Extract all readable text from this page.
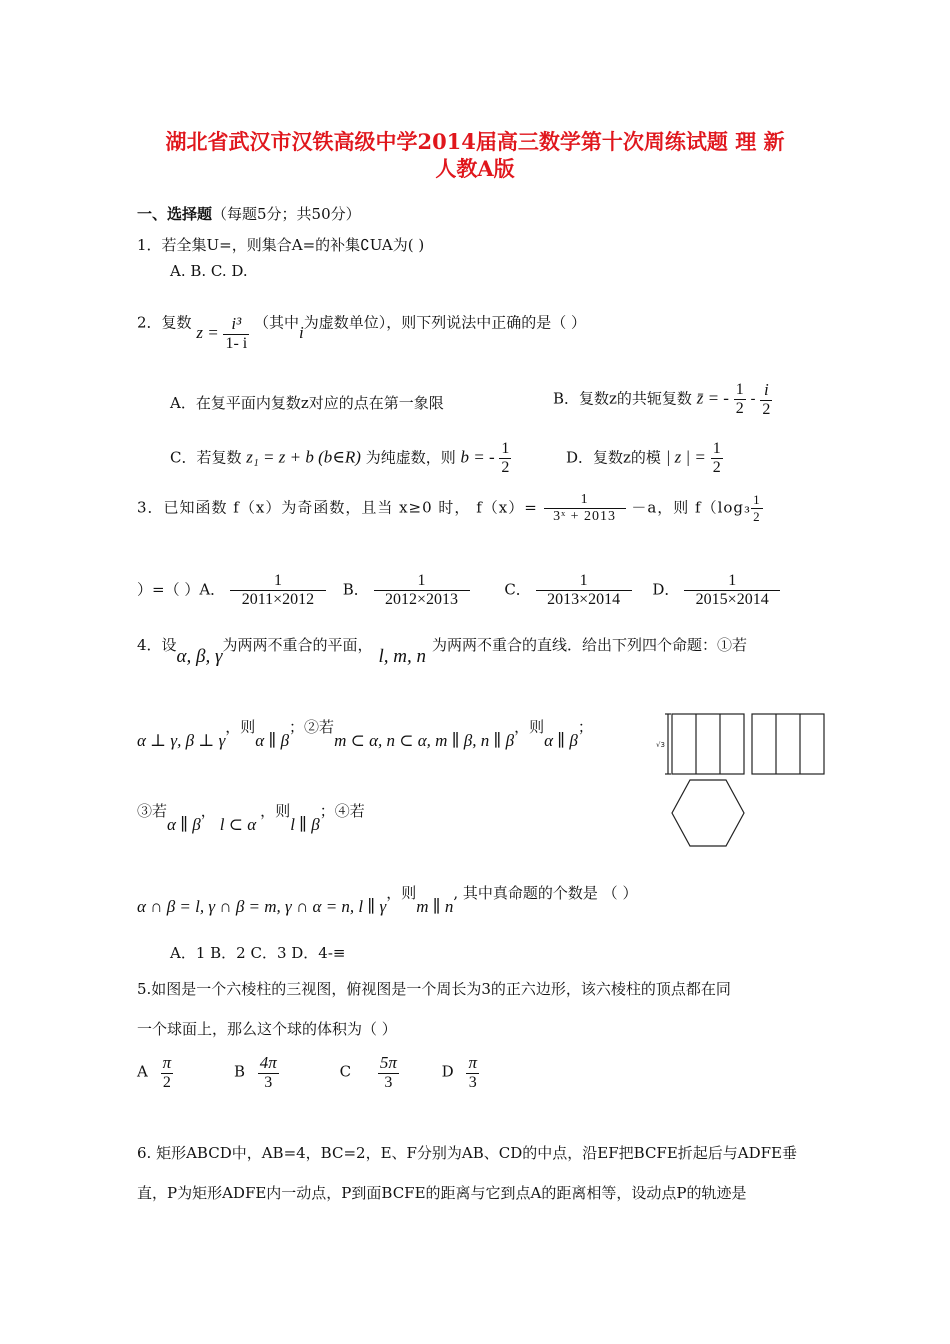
湖北省武汉市汉铁高级中学2014届高三数学第十次周练试题 理 新
人教A版
一、选择题（每题5分；共50分）
1．若全集U=，则集合A=的补集∁UA为( )
A. B. C. D.
2．复数 $z = \frac{\text{i³}}{1- i}$ （其中i为虚数单位），则下列说法中正确的是（ ）
A．在复平面内复数z对应的点在第一象限	B．复数z的共轭复数 z̄ = - $\frac{1}{2} - \frac{i}{2}$
C．若复数 z₁ = z + b (b∈R) 为纯虚数，则 b = - $\frac{1}{2}$	D．复数z的模 | z | = $\frac{1}{2}$
3．已知函数 f（x）为奇函数，且当 x≥0 时， $f(x)= \frac{1}{\text{3ˣ + 2013}} -a$，则 $f(\log_3 \frac{1}{2}$
）=（ ）A． $\frac{1}{2011\times 2012}$ B． $\frac{1}{2012\times 2013}$ C． $\frac{1}{2013\times 2014}$ D． $\frac{1}{2015\times 2014}$
4．设α, β, γ为两两不重合的平面，l, m, n为两两不重合的直线．给出下列四个命题：①若
α ⊥ γ, β ⊥ γ，则α ∥ β；②若m ⊂ α, n ⊂ α, m ∥ β, n ∥ β，则α ∥ β；
③若α ∥ β，l ⊂ α，则l ∥ β；④若
α ∩ β = l, γ ∩ β = m, γ ∩ α = n, l ∥ γ，则m ∥ n, 其中真命题的个数是 （ ）
A．1 B．2 C．3 D．4-≡
√3
5.如图是一个六棱柱的三视图，俯视图是一个周长为3的正六边形，该六棱柱的顶点都在同
一个球面上，那么这个球的体积为（ ）
A $\frac{\pi}{2}$	B $\frac{4\pi}{3}$	C $\frac{5\pi}{3}$	D $\frac{\pi}{3}$
6. 矩形ABCD中，AB=4，BC=2，E、F分别为AB、CD的中点，沿EF把BCFE折起后与ADFE垂
直，P为矩形ADFE内一动点，P到面BCFE的距离与它到点A的距离相等，设动点P的轨迹是
